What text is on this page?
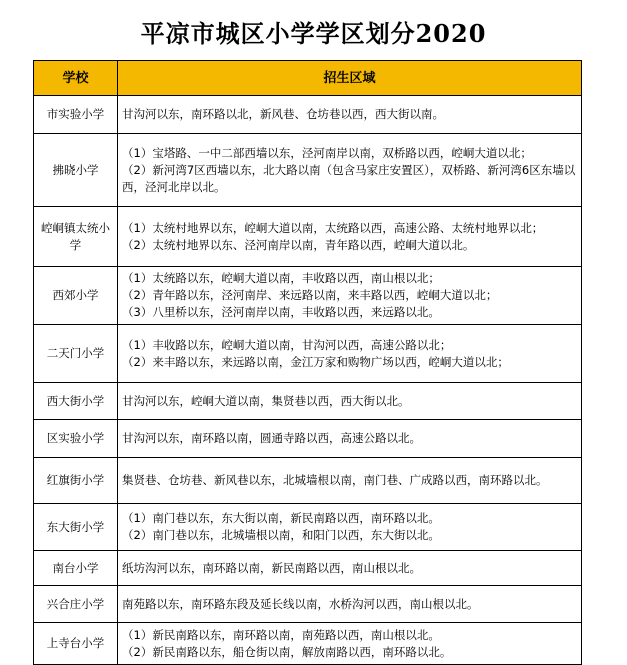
平凉市城区小学学区划分2020
学校	招生区域
市实验小学	甘沟河以东，南环路以北，新风巷、仓坊巷以西，西大街以南。

拂晓小学	（1）宝塔路、一中二部西墙以东，泾河南岸以南，双桥路以西，崆峒大道以北；
（2）新河湾7区西墙以东，北大路以南（包含马家庄安置区），双桥路、新河湾6区东墙以西，泾河北岸以北。

崆峒镇太统小学	（1）太统村地界以东，崆峒大道以南，太统路以西，高速公路、太统村地界以北；
（2）太统村地界以东、泾河南岸以南，青年路以西，崆峒大道以北。

西郊小学	（1）太统路以东，崆峒大道以南，丰收路以西，南山根以北；
（2）青年路以东，泾河南岸、来远路以南，来丰路以西，崆峒大道以北；
（3）八里桥以东，泾河南岸以南，丰收路以西，来远路以北。

二天门小学	（1）丰收路以东，崆峒大道以南，甘沟河以西，高速公路以北；
（2）来丰路以东，来远路以南，金江万家和购物广场以西，崆峒大道以北；

西大街小学	甘沟河以东，崆峒大道以南，集贤巷以西，西大街以北。

区实验小学	甘沟河以东，南环路以南，圆通寺路以西，高速公路以北。

红旗街小学	集贤巷、仓坊巷、新风巷以东，北城墙根以南，南门巷、广成路以西，南环路以北。

东大街小学	（1）南门巷以东，东大街以南，新民南路以西，南环路以北。
（2）南门巷以东，北城墙根以南，和阳门以西，东大街以北。

南台小学	纸坊沟河以东，南环路以南，新民南路以西，南山根以北。

兴合庄小学	南苑路以东，南环路东段及延长线以南，水桥沟河以西，南山根以北。

上寺台小学	（1）新民南路以东，南环路以南，南苑路以西，南山根以北。
（2）新民南路以东，船仓街以南，解放南路以西，南环路以北。
